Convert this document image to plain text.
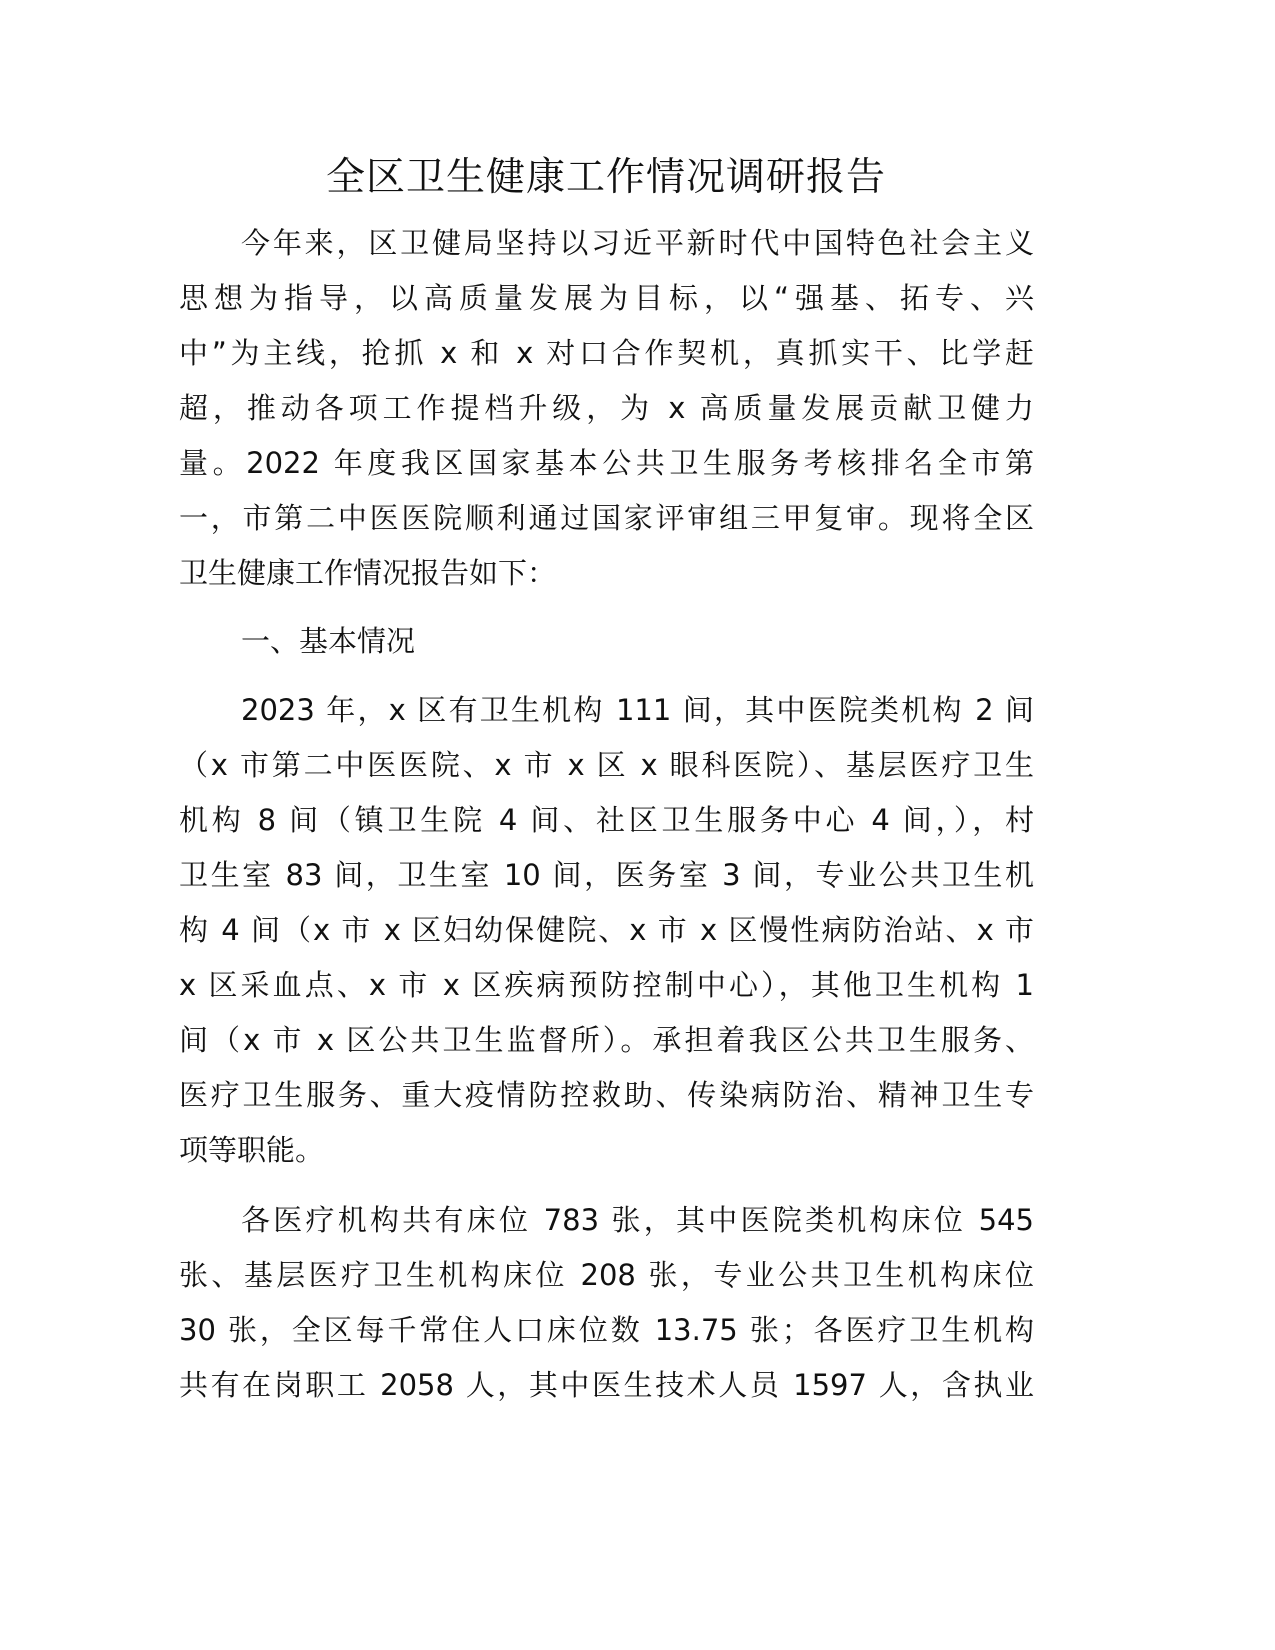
全区卫生健康工作情况调研报告
今年来，区卫健局坚持以习近平新时代中国特色社会主义
思想为指导，以高质量发展为目标，以“强基、拓专、兴
中”为主线，抢抓 x 和 x 对口合作契机，真抓实干、比学赶
超，推动各项工作提档升级，为 x 高质量发展贡献卫健力
量。2022 年度我区国家基本公共卫生服务考核排名全市第
一，市第二中医医院顺利通过国家评审组三甲复审。现将全区
卫生健康工作情况报告如下：
一、基本情况
2023 年，x 区有卫生机构 111 间，其中医院类机构 2 间
（x 市第二中医医院、x 市 x 区 x 眼科医院）、基层医疗卫生
机构 8 间（镇卫生院 4 间、社区卫生服务中心 4 间，），村
卫生室 83 间，卫生室 10 间，医务室 3 间，专业公共卫生机
构 4 间（x 市 x 区妇幼保健院、x 市 x 区慢性病防治站、x 市
x 区采血点、x 市 x 区疾病预防控制中心），其他卫生机构 1
间（x 市 x 区公共卫生监督所）。承担着我区公共卫生服务、
医疗卫生服务、重大疫情防控救助、传染病防治、精神卫生专
项等职能。
各医疗机构共有床位 783 张，其中医院类机构床位 545
张、基层医疗卫生机构床位 208 张，专业公共卫生机构床位
30 张，全区每千常住人口床位数 13.75 张；各医疗卫生机构
共有在岗职工 2058 人，其中医生技术人员 1597 人，含执业
